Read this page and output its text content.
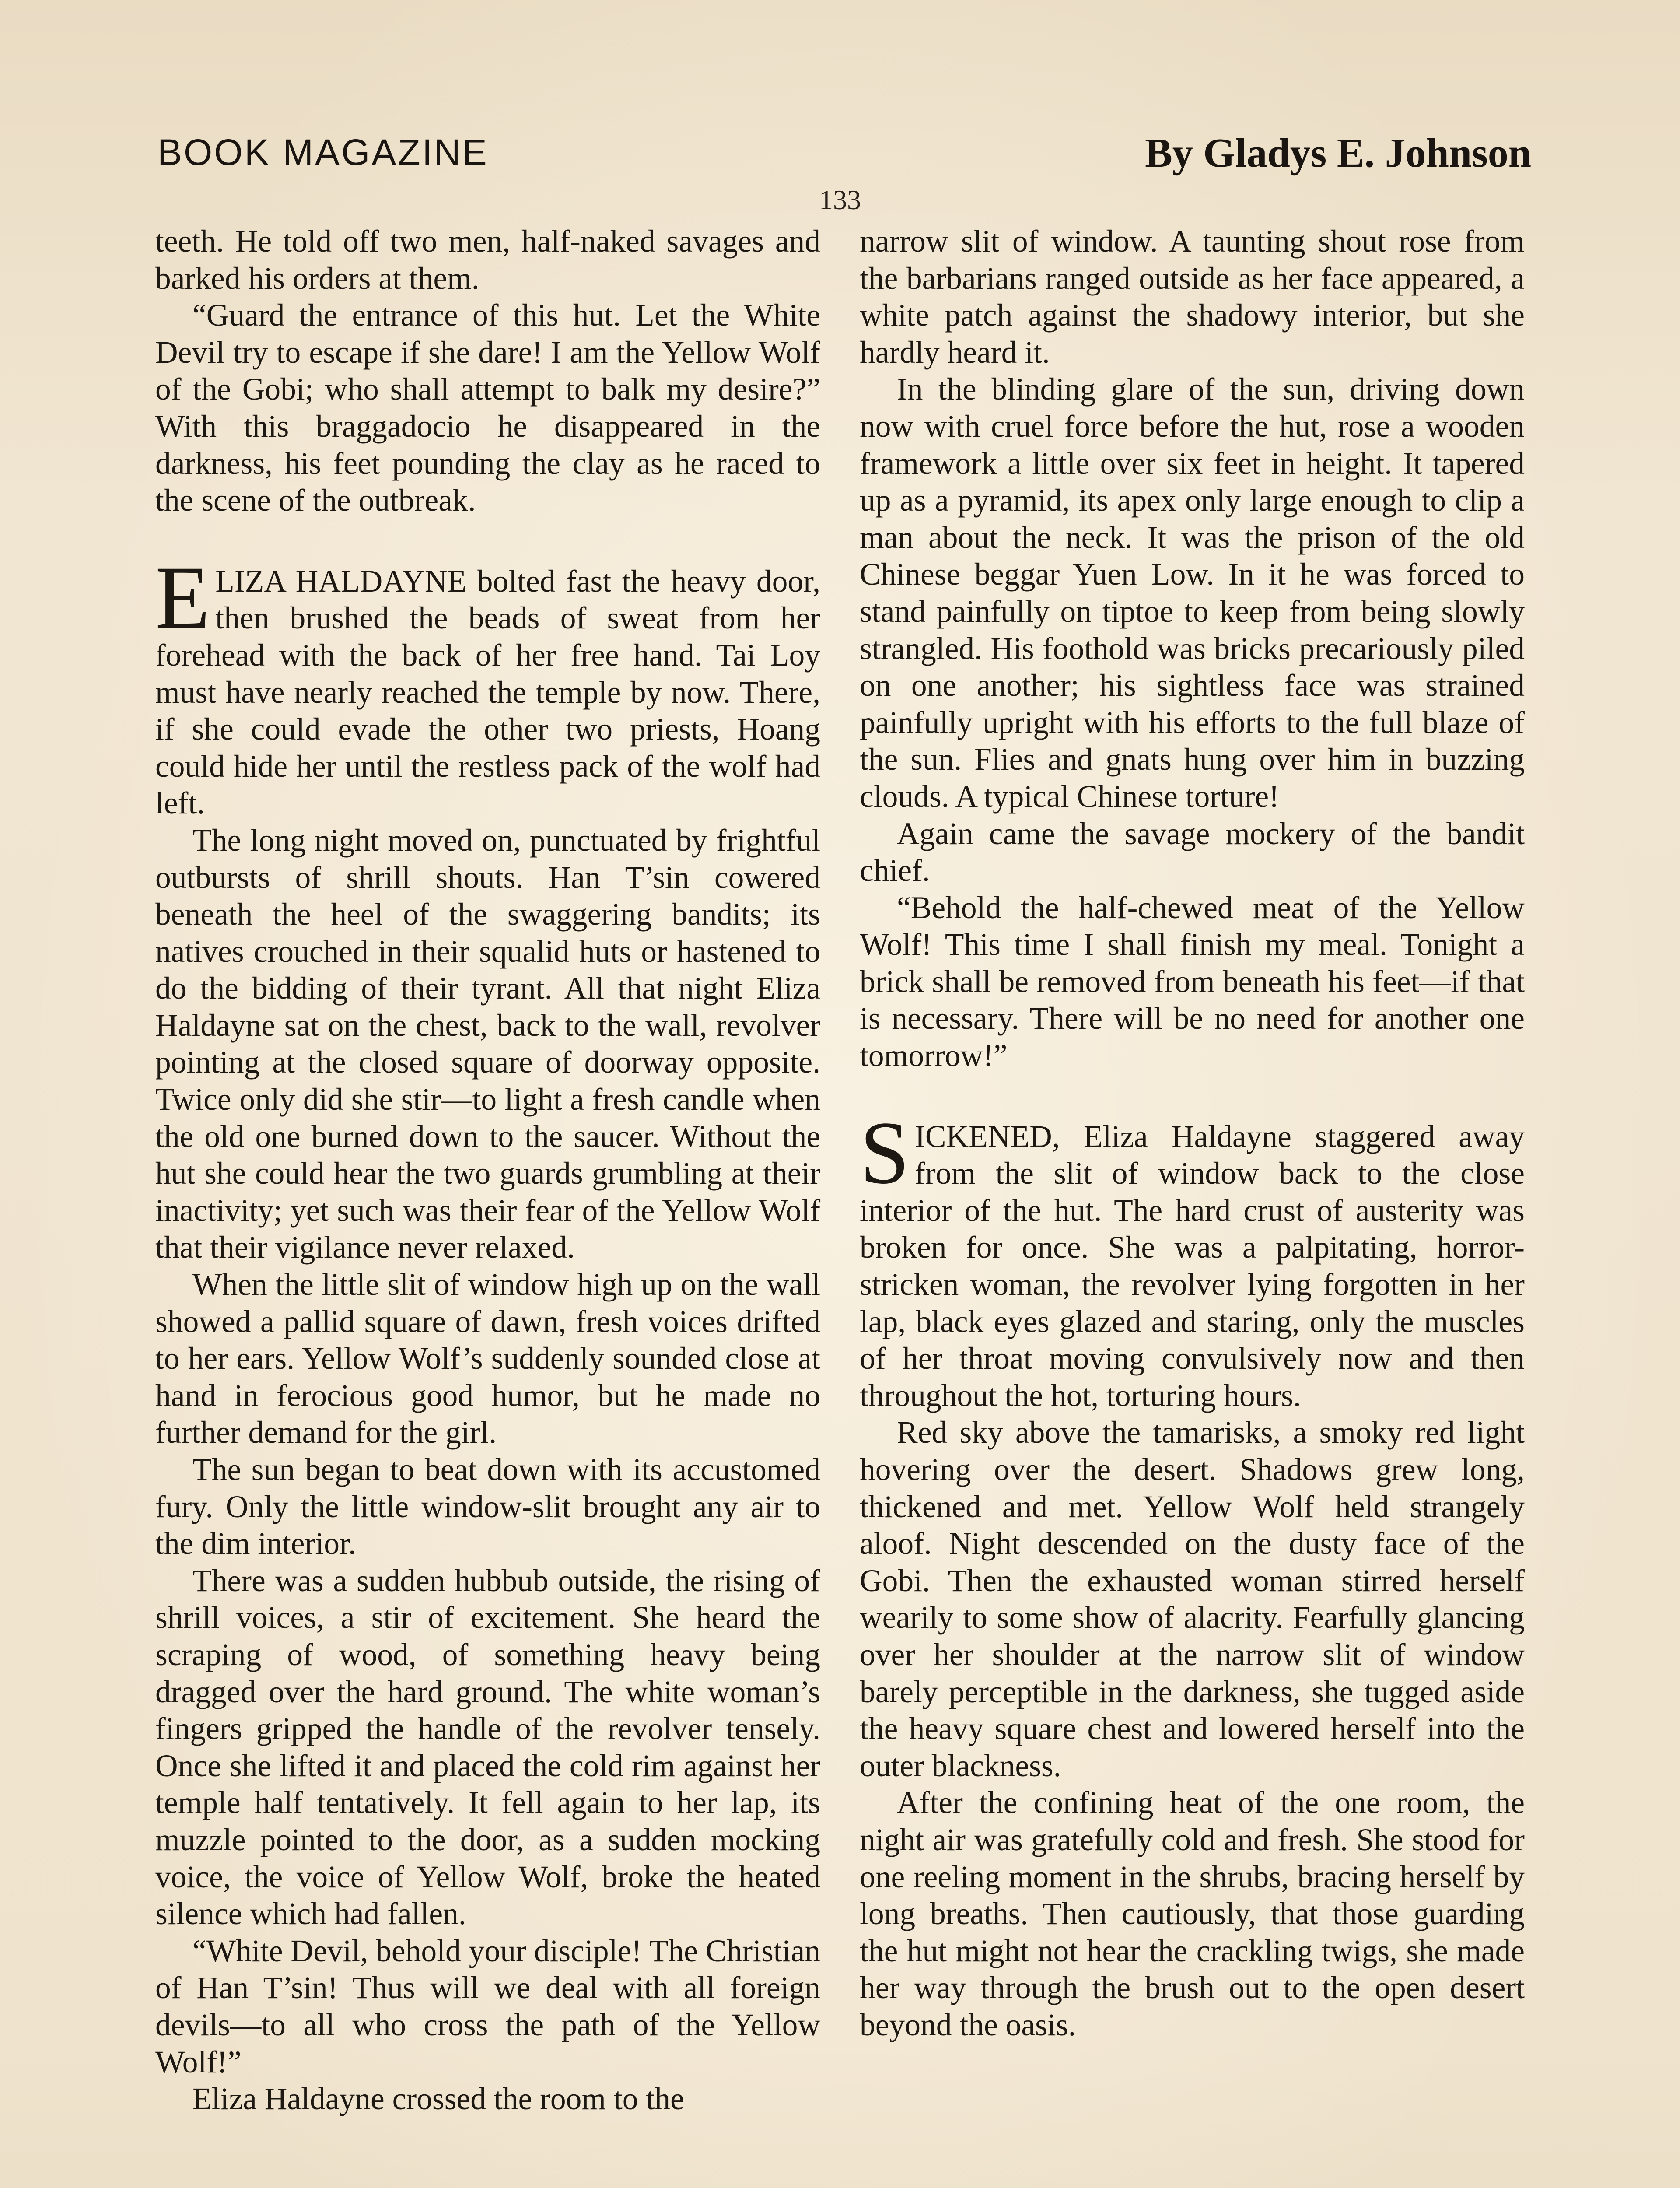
BOOK MAGAZINE	By Gladys E. Johnson
133

teeth. He told off two men, half-naked savages and barked his orders at them.

“Guard the entrance of this hut. Let the White Devil try to escape if she dare! I am the Yellow Wolf of the Gobi; who shall attempt to balk my desire?” With this braggadocio he disappeared in the darkness, his feet pounding the clay as he raced to the scene of the outbreak.

ELIZA HALDAYNE bolted fast the heavy door, then brushed the beads of sweat from her forehead with the back of her free hand. Tai Loy must have nearly reached the temple by now. There, if she could evade the other two priests, Hoang could hide her until the restless pack of the wolf had left.

The long night moved on, punctuated by frightful outbursts of shrill shouts. Han T’sin cowered beneath the heel of the swaggering bandits; its natives crouched in their squalid huts or hastened to do the bidding of their tyrant. All that night Eliza Haldayne sat on the chest, back to the wall, revolver pointing at the closed square of doorway opposite. Twice only did she stir—to light a fresh candle when the old one burned down to the saucer. Without the hut she could hear the two guards grumbling at their inactivity; yet such was their fear of the Yellow Wolf that their vigilance never relaxed.

When the little slit of window high up on the wall showed a pallid square of dawn, fresh voices drifted to her ears. Yellow Wolf’s suddenly sounded close at hand in ferocious good humor, but he made no further demand for the girl.

The sun began to beat down with its accustomed fury. Only the little window-slit brought any air to the dim interior.

There was a sudden hubbub outside, the rising of shrill voices, a stir of excitement. She heard the scraping of wood, of something heavy being dragged over the hard ground. The white woman’s fingers gripped the handle of the revolver tensely. Once she lifted it and placed the cold rim against her temple half tentatively. It fell again to her lap, its muzzle pointed to the door, as a sudden mocking voice, the voice of Yellow Wolf, broke the heated silence which had fallen.

“White Devil, behold your disciple! The Christian of Han T’sin! Thus will we deal with all foreign devils—to all who cross the path of the Yellow Wolf!”

Eliza Haldayne crossed the room to the

narrow slit of window. A taunting shout rose from the barbarians ranged outside as her face appeared, a white patch against the shadowy interior, but she hardly heard it.

In the blinding glare of the sun, driving down now with cruel force before the hut, rose a wooden framework a little over six feet in height. It tapered up as a pyramid, its apex only large enough to clip a man about the neck. It was the prison of the old Chinese beggar Yuen Low. In it he was forced to stand painfully on tiptoe to keep from being slowly strangled. His foothold was bricks precariously piled on one another; his sightless face was strained painfully upright with his efforts to the full blaze of the sun. Flies and gnats hung over him in buzzing clouds. A typical Chinese torture!

Again came the savage mockery of the bandit chief.

“Behold the half-chewed meat of the Yellow Wolf! This time I shall finish my meal. Tonight a brick shall be removed from beneath his feet—if that is necessary. There will be no need for another one tomorrow!”

SICKENED, Eliza Haldayne staggered away from the slit of window back to the close interior of the hut. The hard crust of austerity was broken for once. She was a palpitating, horror-stricken woman, the revolver lying forgotten in her lap, black eyes glazed and staring, only the muscles of her throat moving convulsively now and then throughout the hot, torturing hours.

Red sky above the tamarisks, a smoky red light hovering over the desert. Shadows grew long, thickened and met. Yellow Wolf held strangely aloof. Night descended on the dusty face of the Gobi. Then the exhausted woman stirred herself wearily to some show of alacrity. Fearfully glancing over her shoulder at the narrow slit of window barely perceptible in the darkness, she tugged aside the heavy square chest and lowered herself into the outer blackness.

After the confining heat of the one room, the night air was gratefully cold and fresh. She stood for one reeling moment in the shrubs, bracing herself by long breaths. Then cautiously, that those guarding the hut might not hear the crackling twigs, she made her way through the brush out to the open desert beyond the oasis.
